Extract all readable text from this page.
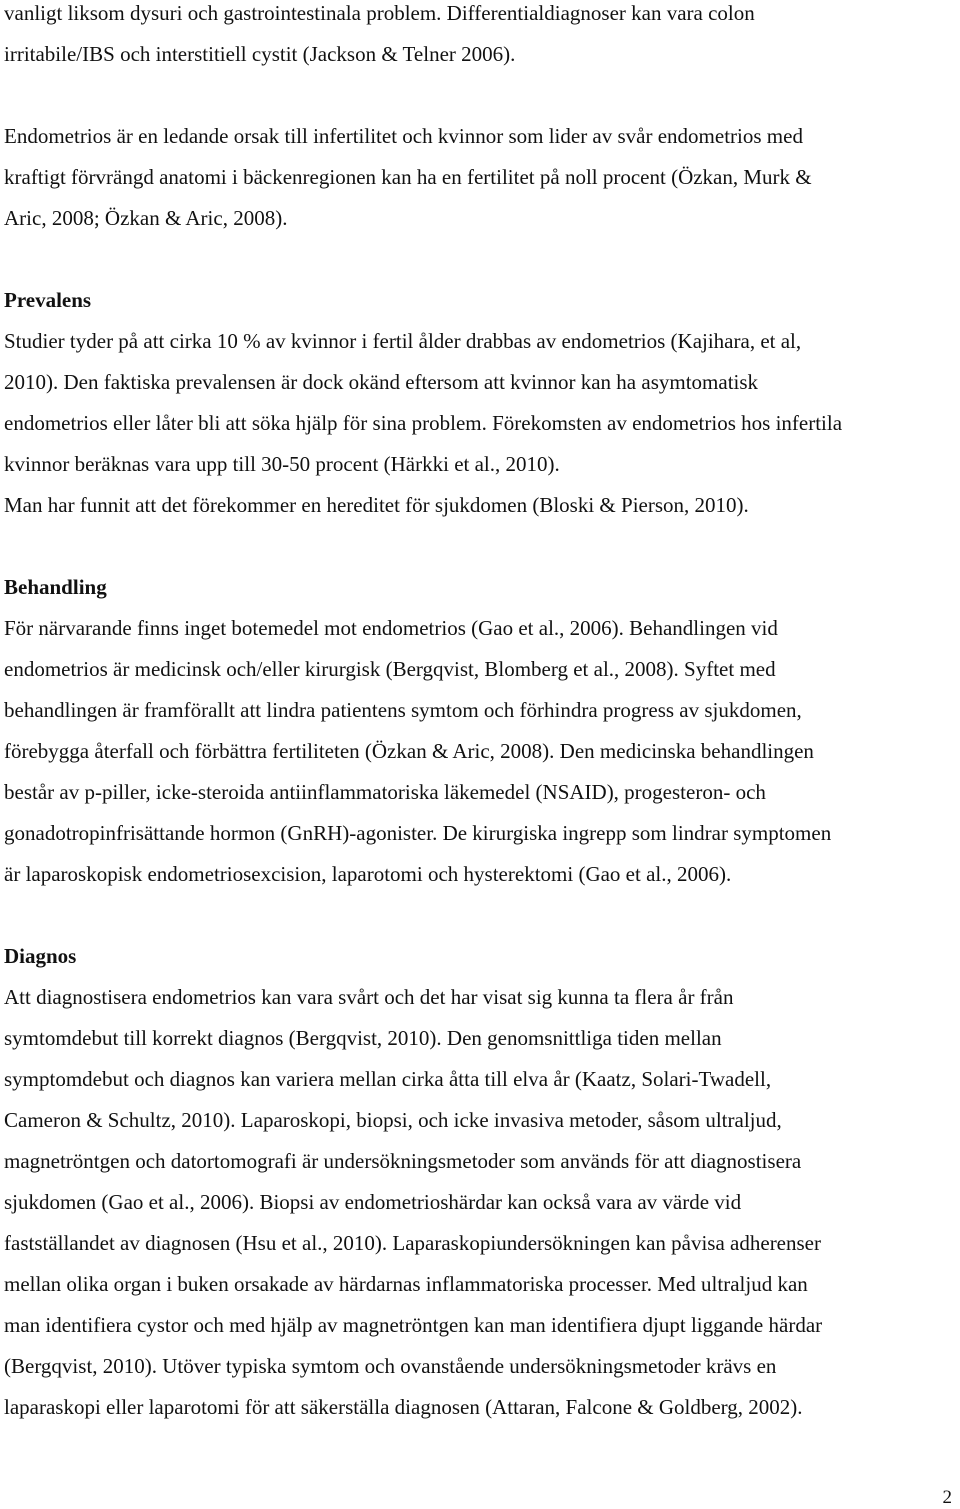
vanligt liksom dysuri och gastrointestinala problem. Differentialdiagnoser kan vara colon

irritabile/IBS och interstitiell cystit (Jackson & Telner 2006).

Endometrios är en ledande orsak till infertilitet och kvinnor som lider av svår endometrios med

kraftigt förvrängd anatomi i bäckenregionen kan ha en fertilitet på noll procent (Özkan, Murk &

Aric, 2008; Özkan & Aric, 2008).

Prevalens

Studier tyder på att cirka 10 % av kvinnor i fertil ålder drabbas av endometrios (Kajihara, et al,

2010). Den faktiska prevalensen är dock okänd eftersom att kvinnor kan ha asymtomatisk

endometrios eller låter bli att söka hjälp för sina problem. Förekomsten av endometrios hos infertila

kvinnor beräknas vara upp till 30-50 procent (Härkki et al., 2010).

Man har funnit att det förekommer en hereditet för sjukdomen (Bloski & Pierson, 2010).

Behandling

För närvarande finns inget botemedel mot endometrios (Gao et al., 2006). Behandlingen vid

endometrios är medicinsk och/eller kirurgisk (Bergqvist, Blomberg et al., 2008). Syftet med

behandlingen är framförallt att lindra patientens symtom och förhindra progress av sjukdomen,

förebygga återfall och förbättra fertiliteten (Özkan & Aric, 2008). Den medicinska behandlingen

består av p-piller, icke-steroida antiinflammatoriska läkemedel (NSAID), progesteron- och

gonadotropinfrisättande hormon (GnRH)-agonister. De kirurgiska ingrepp som lindrar symptomen

är laparoskopisk endometriosexcision, laparotomi och hysterektomi (Gao et al., 2006).

Diagnos

Att diagnostisera endometrios kan vara svårt och det har visat sig kunna ta flera år från

symtomdebut till korrekt diagnos (Bergqvist, 2010). Den genomsnittliga tiden mellan

symptomdebut och diagnos kan variera mellan cirka åtta till elva år (Kaatz, Solari-Twadell,

Cameron & Schultz, 2010). Laparoskopi, biopsi, och icke invasiva metoder, såsom ultraljud,

magnetröntgen och datortomografi är undersökningsmetoder som används för att diagnostisera

sjukdomen (Gao et al., 2006). Biopsi av endometrioshärdar kan också vara av värde vid

fastställandet av diagnosen (Hsu et al., 2010). Laparaskopiundersökningen kan påvisa adherenser

mellan olika organ i buken orsakade av härdarnas inflammatoriska processer. Med ultraljud kan

man identifiera cystor och med hjälp av magnetröntgen kan man identifiera djupt liggande härdar

(Bergqvist, 2010). Utöver typiska symtom och ovanstående undersökningsmetoder krävs en

laparaskopi eller laparotomi för att säkerställa diagnosen (Attaran, Falcone & Goldberg, 2002).

2
